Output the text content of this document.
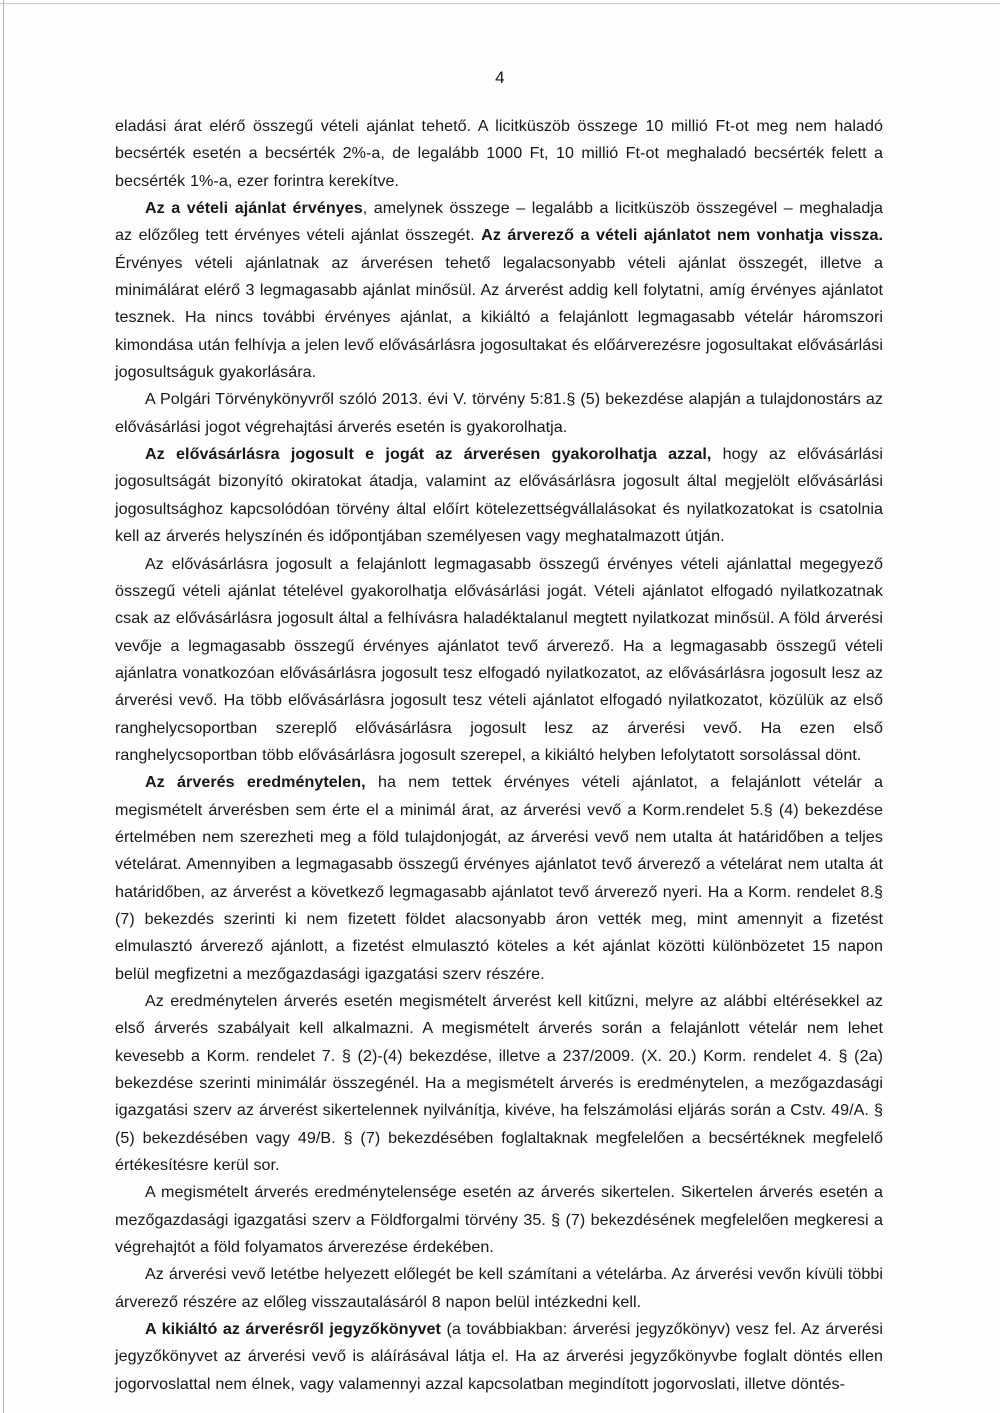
4

eladási árat elérő összegű vételi ajánlat tehető. A licitküszöb összege 10 millió Ft-ot meg nem haladó becsérték esetén a becsérték 2%-a, de legalább 1000 Ft, 10 millió Ft-ot meghaladó becsérték felett a becsérték 1%-a, ezer forintra kerekítve.

Az a vételi ajánlat érvényes, amelynek összege – legalább a licitküszöb összegével – meghaladja az előzőleg tett érvényes vételi ajánlat összegét. Az árverező a vételi ajánlatot nem vonhatja vissza. Érvényes vételi ajánlatnak az árverésen tehető legalacsonyabb vételi ajánlat összegét, illetve a minimálárat elérő 3 legmagasabb ajánlat minősül. Az árverést addig kell folytatni, amíg érvényes ajánlatot tesznek. Ha nincs további érvényes ajánlat, a kikiáltó a felajánlott legmagasabb vételár háromszori kimondása után felhívja a jelen levő elővásárlásra jogosultakat és előárverezésre jogosultakat elővásárlási jogosultságuk gyakorlására.

A Polgári Törvénykönyvről szóló 2013. évi V. törvény 5:81.§ (5) bekezdése alapján a tulajdonostárs az elővásárlási jogot végrehajtási árverés esetén is gyakorolhatja.

Az elővásárlásra jogosult e jogát az árverésen gyakorolhatja azzal, hogy az elővásárlási jogosultságát bizonyító okiratokat átadja, valamint az elővásárlásra jogosult által megjelölt elővásárlási jogosultsághoz kapcsolódóan törvény által előírt kötelezettségvállalásokat és nyilatkozatokat is csatolnia kell az árverés helyszínén és időpontjában személyesen vagy meghatalmazott útján.

Az elővásárlásra jogosult a felajánlott legmagasabb összegű érvényes vételi ajánlattal megegyező összegű vételi ajánlat tételével gyakorolhatja elővásárlási jogát. Vételi ajánlatot elfogadó nyilatkozatnak csak az elővásárlásra jogosult által a felhívásra haladéktalanul megtett nyilatkozat minősül. A föld árverési vevője a legmagasabb összegű érvényes ajánlatot tevő árverező. Ha a legmagasabb összegű vételi ajánlatra vonatkozóan elővásárlásra jogosult tesz elfogadó nyilatkozatot, az elővásárlásra jogosult lesz az árverési vevő. Ha több elővásárlásra jogosult tesz vételi ajánlatot elfogadó nyilatkozatot, közülük az első ranghelycsoportban szereplő elővásárlásra jogosult lesz az árverési vevő. Ha ezen első ranghelycsoportban több elővásárlásra jogosult szerepel, a kikiáltó helyben lefolytatott sorsolással dönt.

Az árverés eredménytelen, ha nem tettek érvényes vételi ajánlatot, a felajánlott vételár a megismételt árverésben sem érte el a minimál árat, az árverési vevő a Korm.rendelet 5.§ (4) bekezdése értelmében nem szerezheti meg a föld tulajdonjogát, az árverési vevő nem utalta át határidőben a teljes vételárat. Amennyiben a legmagasabb összegű érvényes ajánlatot tevő árverező a vételárat nem utalta át határidőben, az árverést a következő legmagasabb ajánlatot tevő árverező nyeri. Ha a Korm. rendelet 8.§ (7) bekezdés szerinti ki nem fizetett földet alacsonyabb áron vették meg, mint amennyit a fizetést elmulasztó árverező ajánlott, a fizetést elmulasztó köteles a két ajánlat közötti különbözetet 15 napon belül megfizetni a mezőgazdasági igazgatási szerv részére.

Az eredménytelen árverés esetén megismételt árverést kell kitűzni, melyre az alábbi eltérésekkel az első árverés szabályait kell alkalmazni. A megismételt árverés során a felajánlott vételár nem lehet kevesebb a Korm. rendelet 7. § (2)-(4) bekezdése, illetve a 237/2009. (X. 20.) Korm. rendelet 4. § (2a) bekezdése szerinti minimálár összegénél. Ha a megismételt árverés is eredménytelen, a mezőgazdasági igazgatási szerv az árverést sikertelennek nyilvánítja, kivéve, ha felszámolási eljárás során a Cstv. 49/A. § (5) bekezdésében vagy 49/B. § (7) bekezdésében foglaltaknak megfelelően a becsértéknek megfelelő értékesítésre kerül sor.

A megismételt árverés eredménytelensége esetén az árverés sikertelen. Sikertelen árverés esetén a mezőgazdasági igazgatási szerv a Földforgalmi törvény 35. § (7) bekezdésének megfelelően megkeresi a végrehajtót a föld folyamatos árverezése érdekében.

Az árverési vevő letétbe helyezett előlegét be kell számítani a vételárba. Az árverési vevőn kívüli többi árverező részére az előleg visszautalásáról 8 napon belül intézkedni kell.

A kikiáltó az árverésről jegyzőkönyvet (a továbbiakban: árverési jegyzőkönyv) vesz fel. Az árverési jegyzőkönyvet az árverési vevő is aláírásával látja el. Ha az árverési jegyzőkönyvbe foglalt döntés ellen jogorvoslattal nem élnek, vagy valamennyi azzal kapcsolatban megindított jogorvoslati, illetve döntés-
